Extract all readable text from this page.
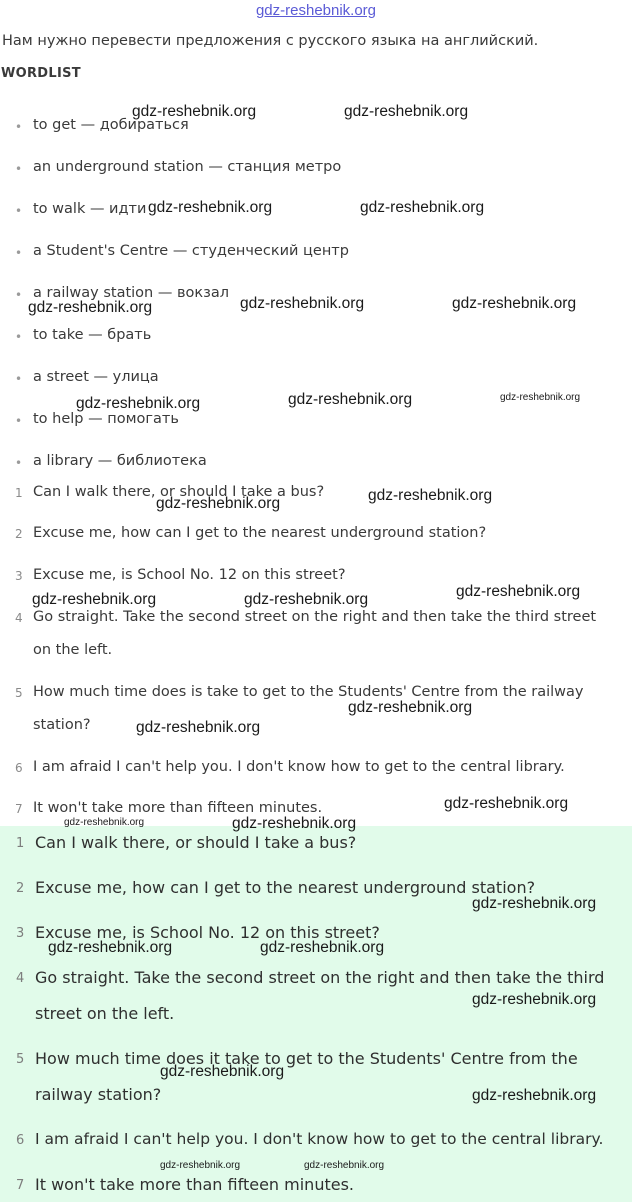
gdz-reshebnik.org
Нам нужно перевести предложения с русского языка на английский.
WORDLIST
• to get — добираться
• an underground station — станция метро
• to walk — идти
• a Student's Centre — студенческий центр
• a railway station — вокзал
• to take — брать
• a street — улица
• to help — помогать
• a library — библиотека
1 Can I walk there, or should I take a bus?
2 Excuse me, how can I get to the nearest underground station?
3 Excuse me, is School No. 12 on this street?
4 Go straight. Take the second street on the right and then take the third street
on the left.
5 How much time does is take to get to the Students' Centre from the railway
station?
6 I am afraid I can't help you. I don't know how to get to the central library.
7 It won't take more than fifteen minutes.
1 Can I walk there, or should I take a bus?
2 Excuse me, how can I get to the nearest underground station?
3 Excuse me, is School No. 12 on this street?
4 Go straight. Take the second street on the right and then take the third
street on the left.
5 How much time does it take to get to the Students' Centre from the
railway station?
6 I am afraid I can't help you. I don't know how to get to the central library.
7 It won't take more than fifteen minutes.
gdz-reshebnik.org	gdz-reshebnik.org
gdz-reshebnik.org	gdz-reshebnik.org
gdz-reshebnik.org	gdz-reshebnik.org	gdz-reshebnik.org
gdz-reshebnik.org	gdz-reshebnik.org	gdz-reshebnik.org
gdz-reshebnik.org	gdz-reshebnik.org
gdz-reshebnik.org
gdz-reshebnik.org	gdz-reshebnik.org
gdz-reshebnik.org
gdz-reshebnik.org
gdz-reshebnik.org
gdz-reshebnik.org	gdz-reshebnik.org
gdz-reshebnik.org
gdz-reshebnik.org	gdz-reshebnik.org
gdz-reshebnik.org
gdz-reshebnik.org
gdz-reshebnik.org
gdz-reshebnik.org	gdz-reshebnik.org
